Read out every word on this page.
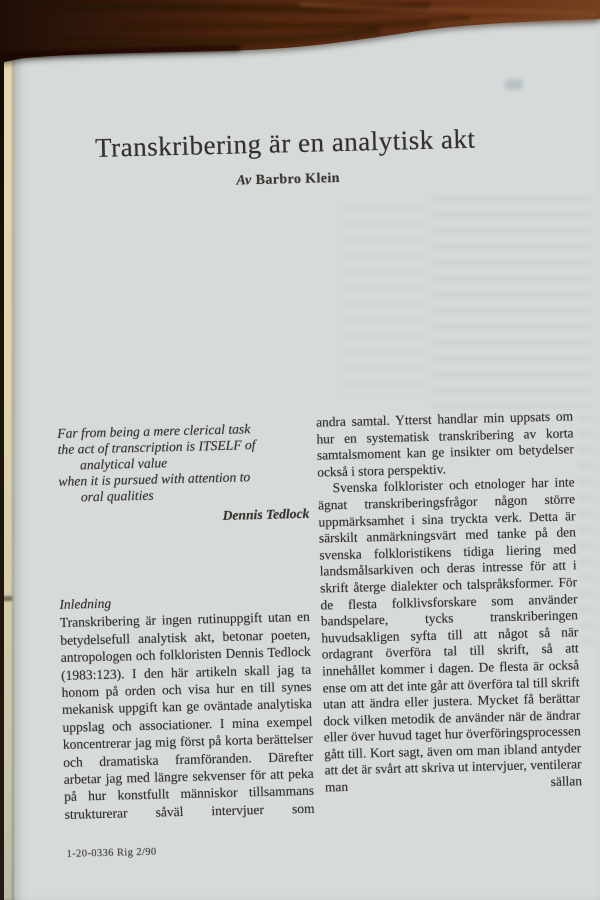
Transkribering är en analytisk akt
Av Barbro Klein
Far from being a mere clerical task
the act of transcription is ITSELF of
analytical value
when it is pursued with attention to
oral qualities
Dennis Tedlock
Inledning

Transkribering är ingen rutinuppgift utan en betydelsefull analytisk akt, betonar poeten, antropologen och folkloristen Dennis Tedlock (1983:123). I den här artikeln skall jag ta honom på orden och visa hur en till synes mekanisk uppgift kan ge oväntade analytiska uppslag och associationer. I mina exempel koncentrerar jag mig först på korta berättelser och dramatiska framföranden. Därefter arbetar jag med längre sekvenser för att peka på hur konstfullt människor tillsammans strukturerar såväl intervjuer som

andra samtal. Ytterst handlar min uppsats om hur en systematisk transkribering av korta samtalsmoment kan ge insikter om betydelser också i stora perspektiv.

Svenska folklorister och etnologer har inte ägnat transkriberingsfrågor någon större uppmärksamhet i sina tryckta verk. Detta är särskilt anmärkningsvärt med tanke på den svenska folkloristikens tidiga liering med landsmålsarkiven och deras intresse för att i skrift återge dialekter och talspråksformer. För de flesta folklivsforskare som använder bandspelare, tycks transkriberingen huvudsakligen syfta till att något så när ordagrant överföra tal till skrift, så att innehållet kommer i dagen. De flesta är också ense om att det inte går att överföra tal till skrift utan att ändra eller justera. Mycket få berättar dock vilken metodik de använder när de ändrar eller över huvud taget hur överföringsprocessen gått till. Kort sagt, även om man ibland antyder att det är svårt att skriva ut intervjuer, ventilerar man sällan

1-20-0336 Rig 2/90
